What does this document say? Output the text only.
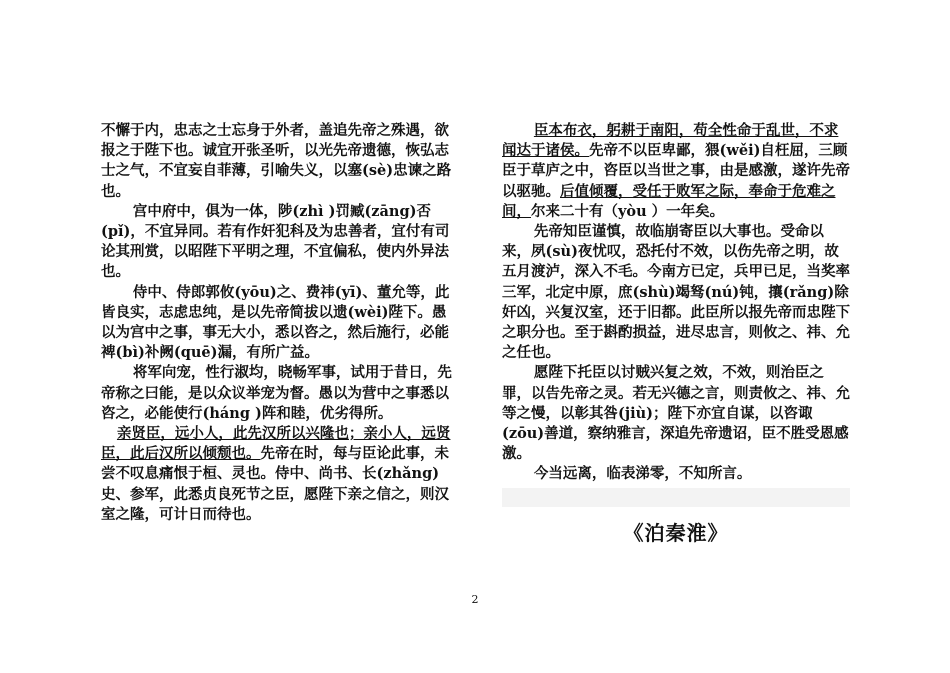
不懈于内，忠志之士忘身于外者，盖追先帝之殊遇，欲报之于陛下也。诚宜开张圣听，以光先帝遗德，恢弘志士之气，不宜妄自菲薄，引喻失义，以塞(sè)忠谏之路也。

宫中府中，俱为一体，陟(zhì )罚臧(zāng)否(pǐ)，不宜异同。若有作奸犯科及为忠善者，宜付有司论其刑赏，以昭陛下平明之理，不宜偏私，使内外异法也。

侍中、侍郎郭攸(yōu)之、费祎(yī)、董允等，此皆良实，志虑忠纯，是以先帝简拔以遗(wèi)陛下。愚以为宫中之事，事无大小，悉以咨之，然后施行，必能裨(bì)补阙(quē)漏，有所广益。

将军向宠，性行淑均，晓畅军事，试用于昔日，先帝称之曰能，是以众议举宠为督。愚以为营中之事悉以咨之，必能使行(háng )阵和睦，优劣得所。

亲贤臣，远小人，此先汉所以兴隆也；亲小人，远贤臣，此后汉所以倾颓也。先帝在时，每与臣论此事，未尝不叹息痛恨于桓、灵也。侍中、尚书、长(zhǎng)史、参军，此悉贞良死节之臣，愿陛下亲之信之，则汉室之隆，可计日而待也。

臣本布衣，躬耕于南阳，苟全性命于乱世，不求闻达于诸侯。先帝不以臣卑鄙，猥(wěi)自枉屈，三顾臣于草庐之中，咨臣以当世之事，由是感激，遂许先帝以驱驰。后值倾覆，受任于败军之际，奉命于危难之间，尔来二十有（yòu ）一年矣。

先帝知臣谨慎，故临崩寄臣以大事也。受命以来，夙(sù)夜忧叹，恐托付不效，以伤先帝之明，故五月渡泸，深入不毛。今南方已定，兵甲已足，当奖率三军，北定中原，庶(shù)竭驽(nú)钝，攘(rǎng)除奸凶，兴复汉室，还于旧都。此臣所以报先帝而忠陛下之职分也。至于斟酌损益，进尽忠言，则攸之、祎、允之任也。

愿陛下托臣以讨贼兴复之效，不效，则治臣之罪，以告先帝之灵。若无兴德之言，则责攸之、祎、允等之慢，以彰其咎(jiù)；陛下亦宜自谋，以咨诹(zōu)善道，察纳雅言，深追先帝遗诏，臣不胜受恩感激。

今当远离，临表涕零，不知所言。

《泊秦淮》
2
